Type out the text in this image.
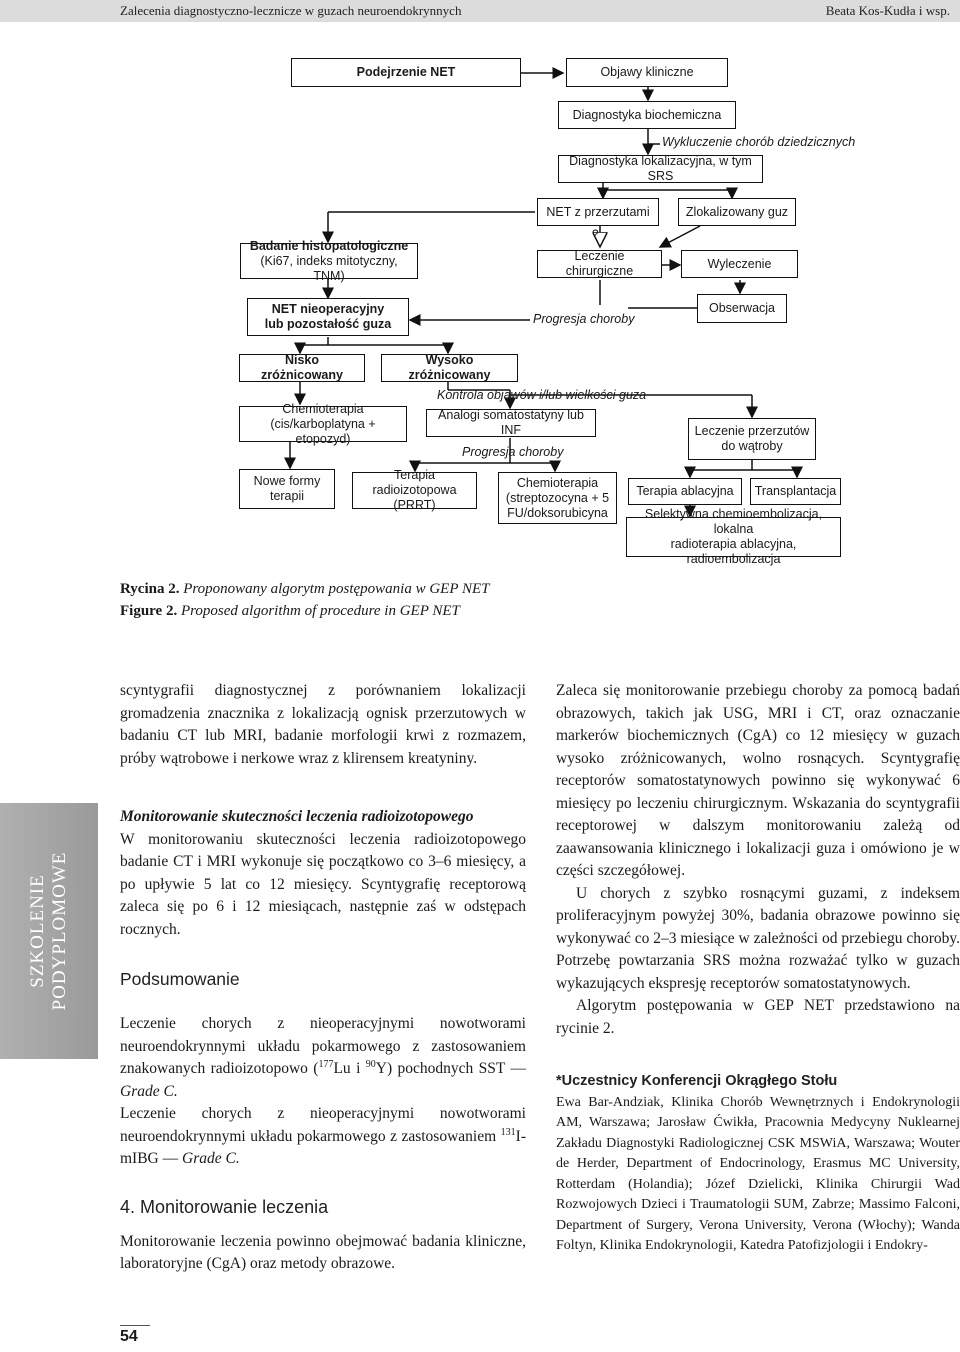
Zalecenia diagnostyczno-lecznicze w guzach neuroendokrynnych	Beata Kos-Kudła i wsp.
Podejrzenie NET	Objawy kliniczne
Diagnostyka biochemiczna
Wykluczenie chorób dziedzicznych
Diagnostyka lokalizacyjna, w tym SRS
NET z przerzutami	Zlokalizowany guz
?
Badanie histopatologiczne
(Ki67, indeks mitotyczny, TNM)
Leczenie chirurgiczne
Wyleczenie
NET nieoperacyjny
lub pozostałość guza	Progresja choroby
Obserwacja
Nisko zróżnicowany
Wysoko zróżnicowany
Kontrola objawów i/lub wielkości guza
Chemioterapia
(cis/karboplatyna + etopozyd)
Analogi somatostatyny lub INF	Leczenie przerzutów
do wątroby
Progresja choroby
Nowe formy
terapii
Terapia
radioizotopowa (PRRT)
Chemioterapia
(streptozocyna + 5
FU/doksorubicyna
Terapia ablacyjna	Transplantacja
Selektywna chemioembolizacja, lokalna
radioterapia ablacyjna, radioembolizacja
Rycina 2. Proponowany algorytm postępowania w GEP NET
Figure 2. Proposed algorithm of procedure in GEP NET
SZKOLENIE PODYPLOMOWE

scyntygrafii diagnostycznej z porównaniem lokalizacji gromadzenia znacznika z lokalizacją ognisk przerzutowych w badaniu CT lub MRI, badanie morfologii krwi z rozmazem, próby wątrobowe i nerkowe wraz z klirensem kreatyniny.

Monitorowanie skuteczności leczenia radioizotopowego

W monitorowaniu skuteczności leczenia radioizotopowego badanie CT i MRI wykonuje się początkowo co 3–6 miesięcy, a po upływie 5 lat co 12 miesięcy. Scyntygrafię receptorową zaleca się po 6 i 12 miesiącach, następnie zaś w odstępach rocznych.

Podsumowanie

Leczenie chorych z nieoperacyjnymi nowotworami neuroendokrynnymi układu pokarmowego z zastosowaniem znakowanych radioizotopowo ($^{177}$Lu i $^{90}$Y) pochodnych SST — Grade C.

Leczenie chorych z nieoperacyjnymi nowotworami neuroendokrynnymi układu pokarmowego z zastosowaniem $^{131}$I-mIBG — Grade C.

4. Monitorowanie leczenia

Monitorowanie leczenia powinno obejmować badania kliniczne, laboratoryjne (CgA) oraz metody obrazowe.

Zaleca się monitorowanie przebiegu choroby za pomocą badań obrazowych, takich jak USG, MRI i CT, oraz oznaczanie markerów biochemicznych (CgA) co 12 miesięcy w guzach wysoko zróżnicowanych, wolno rosnących. Scyntygrafię receptorów somatostatynowych powinno się wykonywać 6 miesięcy po leczeniu chirurgicznym. Wskazania do scyntygrafii receptorowej w dalszym monitorowaniu zależą od zaawansowania klinicznego i lokalizacji guza i omówiono je w części szczegółowej.

U chorych z szybko rosnącymi guzami, z indeksem proliferacyjnym powyżej 30%, badania obrazowe powinno się wykonywać co 2–3 miesiące w zależności od przebiegu choroby. Potrzebę powtarzania SRS można rozważać tylko w guzach wykazujących ekspresję receptorów somatostatynowych.

Algorytm postępowania w GEP NET przedstawiono na rycinie 2.

*Uczestnicy Konferencji Okrągłego Stołu

Ewa Bar-Andziak, Klinika Chorób Wewnętrznych i Endokrynologii AM, Warszawa; Jarosław Ćwikła, Pracownia Medycyny Nuklearnej Zakładu Diagnostyki Radiologicznej CSK MSWiA, Warszawa; Wouter de Herder, Department of Endocrinology, Erasmus MC University, Rotterdam (Holandia); Józef Dzielicki, Klinika Chirurgii Wad Rozwojowych Dzieci i Traumatologii SUM, Zabrze; Massimo Falconi, Department of Surgery, Verona University, Verona (Włochy); Wanda Foltyn, Klinika Endokrynologii, Katedra Patofizjologii i Endokry-

54
